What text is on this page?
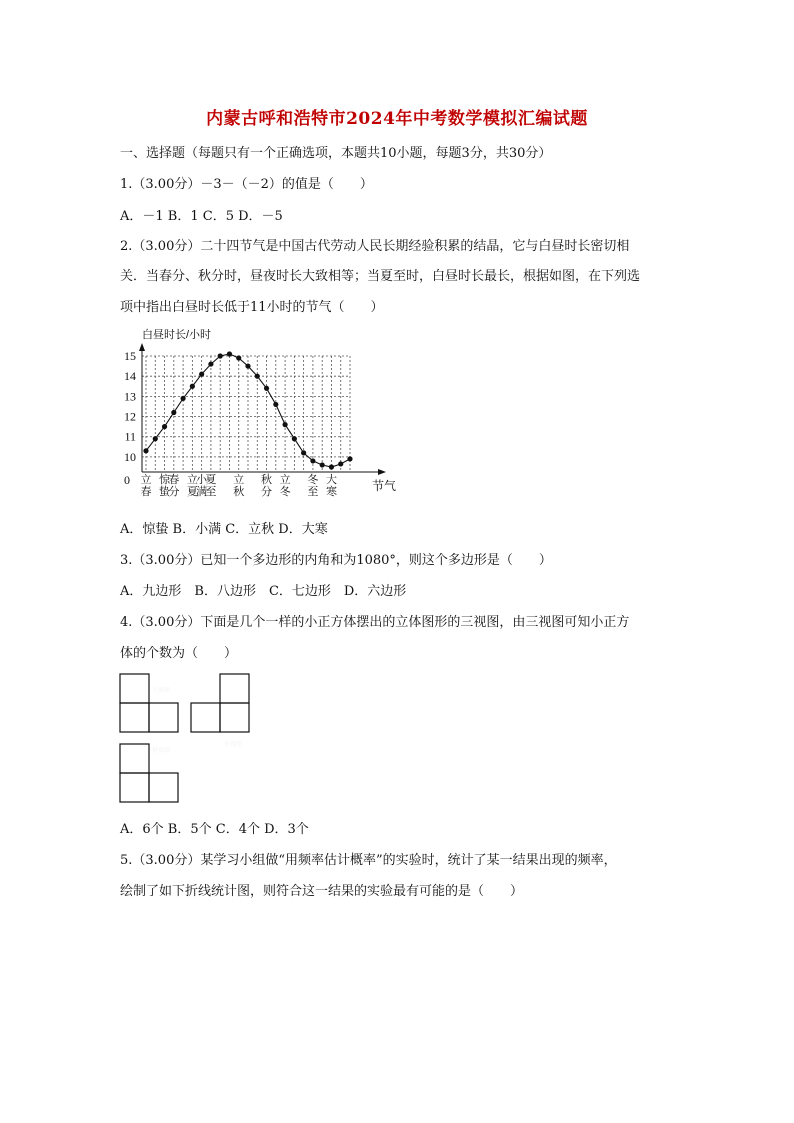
内蒙古呼和浩特市2024年中考数学模拟汇编试题
一、选择题（每题只有一个正确选项，本题共10小题，每题3分，共30分）
1.（3.00分）－3－（－2）的值是（　　）
A．－1 B．1 C．5 D．－5
2.（3.00分）二十四节气是中国古代劳动人民长期经验积累的结晶，它与白昼时长密切相
关．当春分、秋分时，昼夜时长大致相等；当夏至时，白昼时长最长，根据如图，在下列选
项中指出白昼时长低于11小时的节气（　　）
白昼时长/小时
10
11
12
13
14
15
立
春
惊
蛰
春
分
立
夏
小
满
夏
至
立
秋
秋
分
立
冬
冬
至
大
寒
0	节气
A．惊蛰 B．小满 C．立秋 D．大寒
3.（3.00分）已知一个多边形的内角和为1080°，则这个多边形是（　　）
A．九边形　B．八边形　C．七边形　D．六边形
4.（3.00分）下面是几个一样的小正方体摆出的立体图形的三视图，由三视图可知小正方
体的个数为（　　）
主视图
左视图
俯视图
A．6个 B．5个 C．4个 D．3个
5.（3.00分）某学习小组做“用频率估计概率”的实验时，统计了某一结果出现的频率，
绘制了如下折线统计图，则符合这一结果的实验最有可能的是（　　）
